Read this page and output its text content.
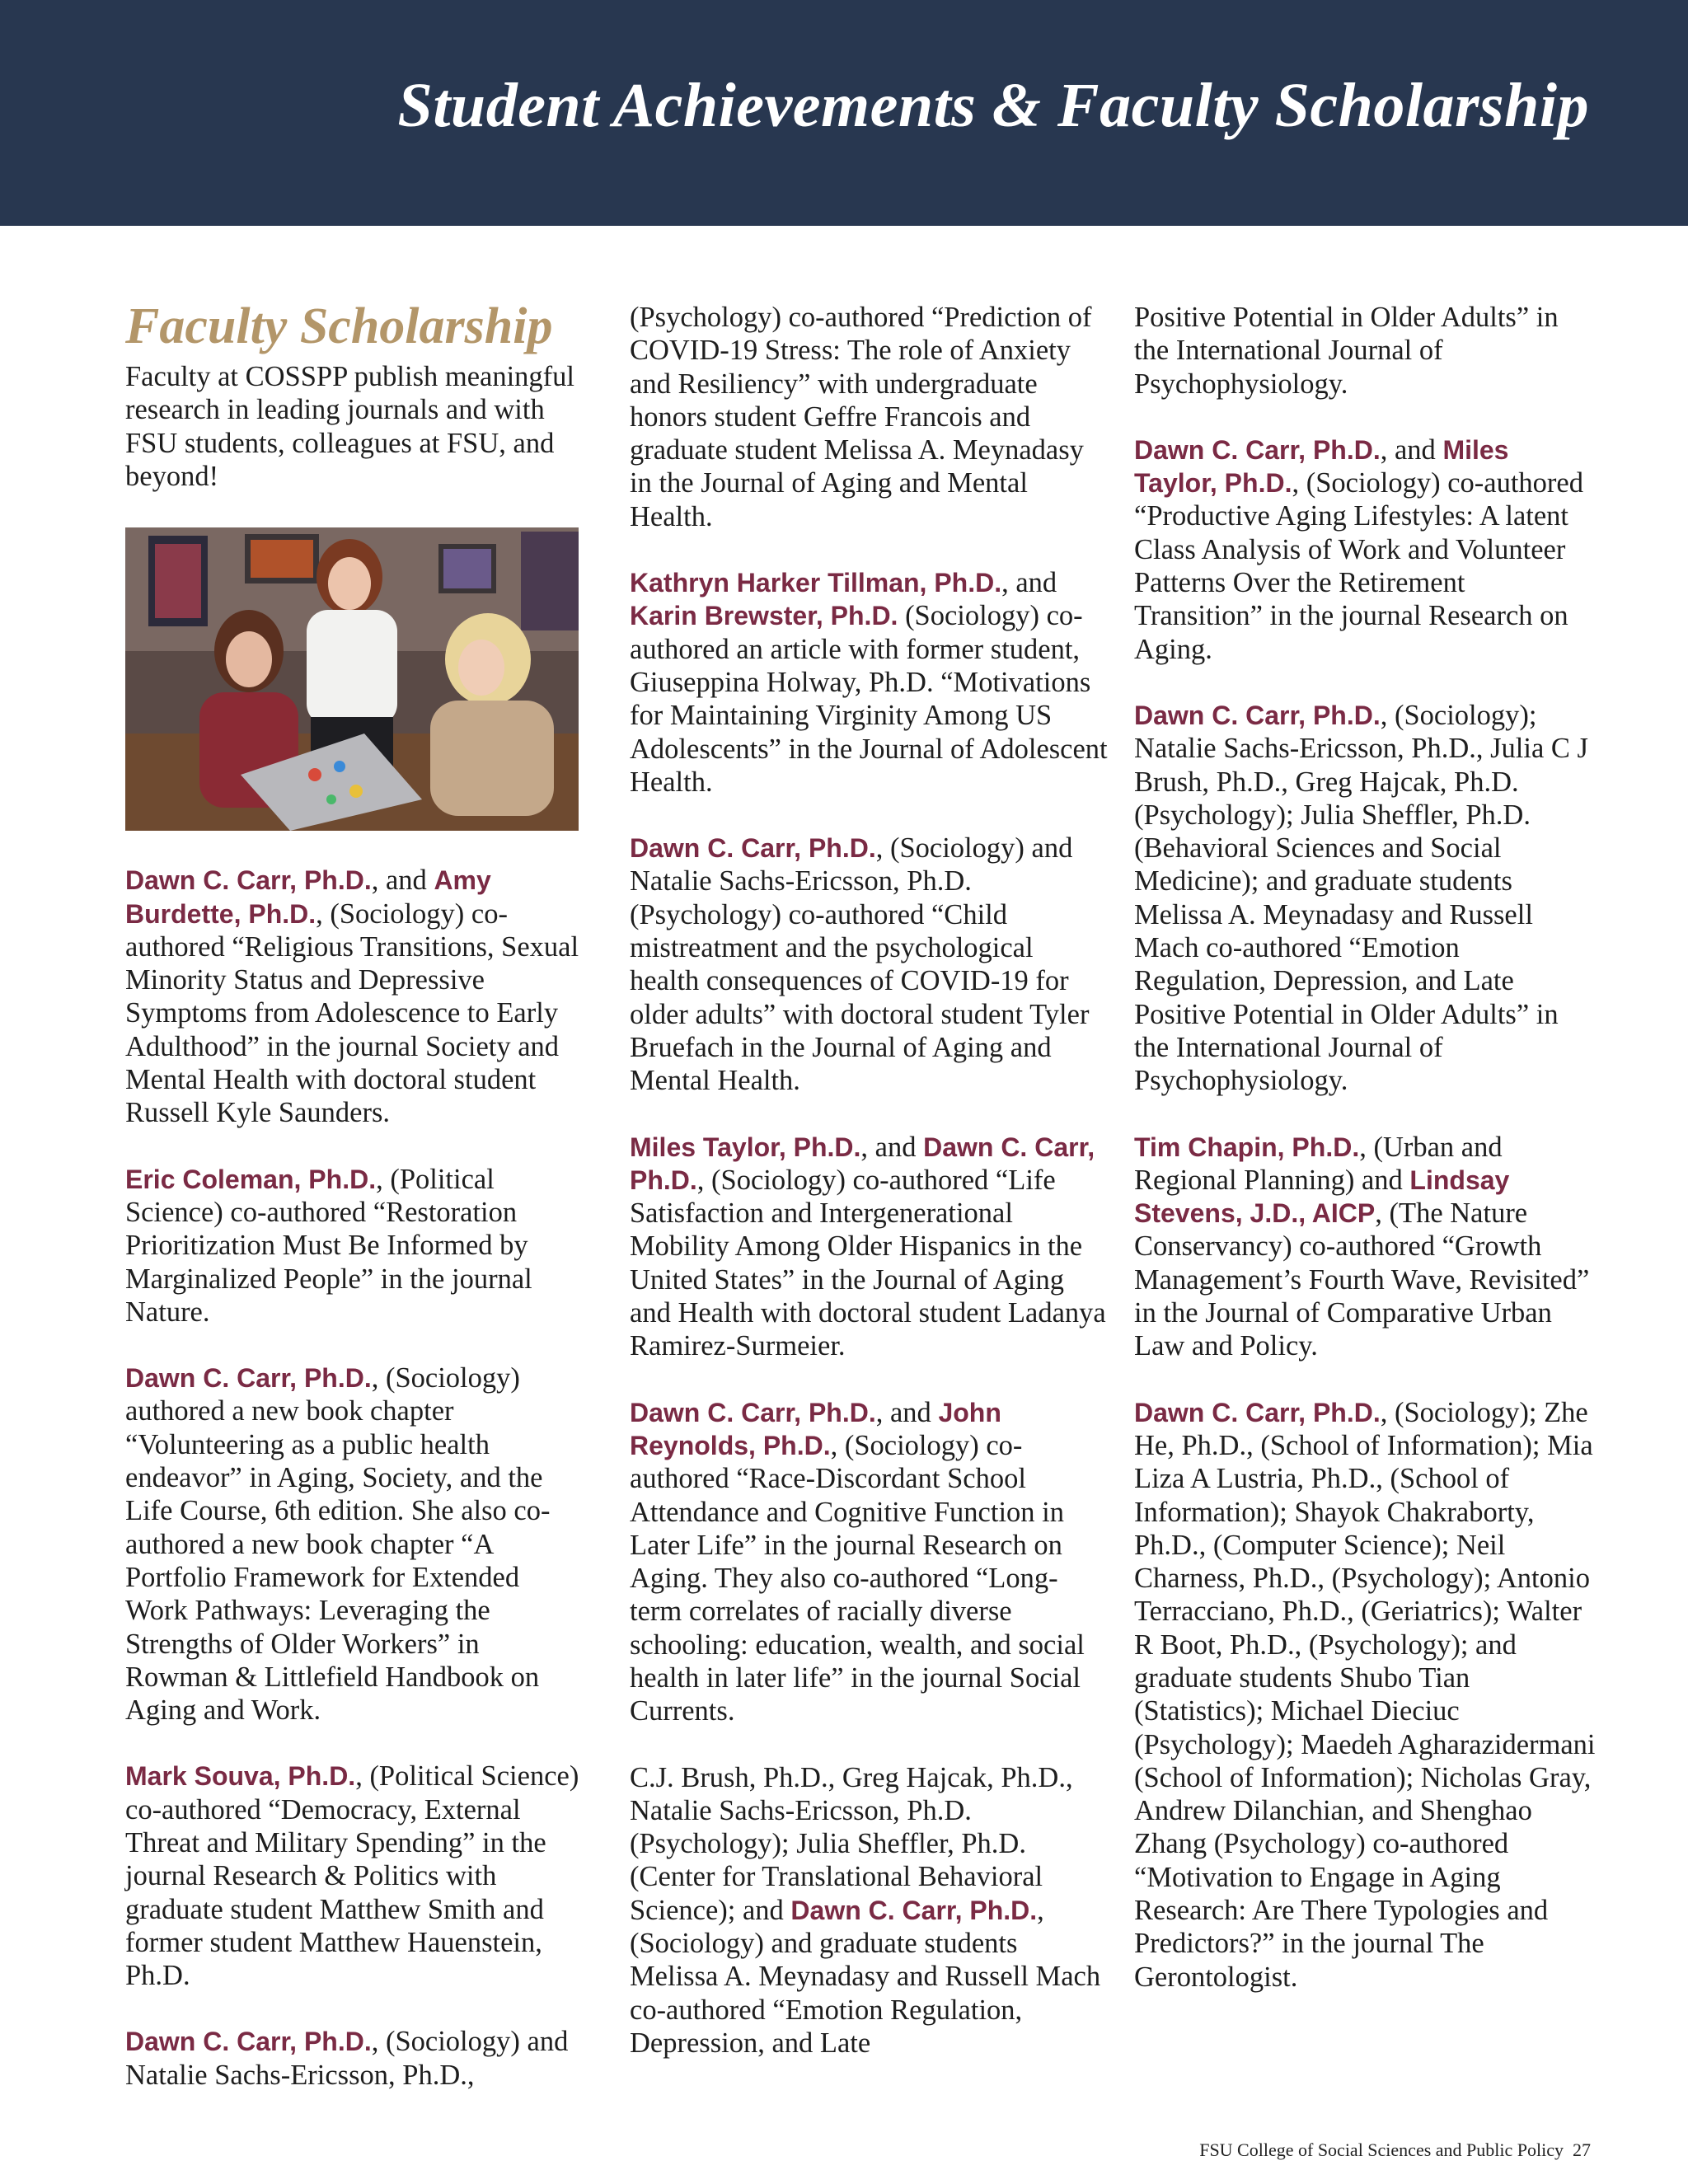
Student Achievements & Faculty Scholarship
Faculty Scholarship

Faculty at COSSPP publish meaningful research in leading journals and with FSU students, colleagues at FSU, and beyond!

Dawn C. Carr, Ph.D., and Amy Burdette, Ph.D., (Sociology) co-authored “Religious Transitions, Sexual Minority Status and Depressive Symptoms from Adolescence to Early Adulthood” in the journal Society and Mental Health with doctoral student Russell Kyle Saunders.

Eric Coleman, Ph.D., (Political Science) co-authored “Restoration Prioritization Must Be Informed by Marginalized People” in the journal Nature.

Dawn C. Carr, Ph.D., (Sociology) authored a new book chapter “Volunteering as a public health endeavor” in Aging, Society, and the Life Course, 6th edition. She also co-authored a new book chapter “A Portfolio Framework for Extended Work Pathways: Leveraging the Strengths of Older Workers” in Rowman & Littlefield Handbook on Aging and Work.

Mark Souva, Ph.D., (Political Science) co-authored “Democracy, External Threat and Military Spending” in the journal Research & Politics with graduate student Matthew Smith and former student Matthew Hauenstein, Ph.D.

Dawn C. Carr, Ph.D., (Sociology) and Natalie Sachs-Ericsson, Ph.D.,

(Psychology) co-authored “Prediction of COVID-19 Stress: The role of Anxiety and Resiliency” with undergraduate honors student Geffre Francois and graduate student Melissa A. Meynadasy in the Journal of Aging and Mental Health.

Kathryn Harker Tillman, Ph.D., and Karin Brewster, Ph.D. (Sociology) co-authored an article with former student, Giuseppina Holway, Ph.D. “Motivations for Maintaining Virginity Among US Adolescents” in the Journal of Adolescent Health.

Dawn C. Carr, Ph.D., (Sociology) and Natalie Sachs-Ericsson, Ph.D. (Psychology) co-authored “Child mistreatment and the psychological health consequences of COVID-19 for older adults” with doctoral student Tyler Bruefach in the Journal of Aging and Mental Health.

Miles Taylor, Ph.D., and Dawn C. Carr, Ph.D., (Sociology) co-authored “Life Satisfaction and Intergenerational Mobility Among Older Hispanics in the United States” in the Journal of Aging and Health with doctoral student Ladanya Ramirez-Surmeier.

Dawn C. Carr, Ph.D., and John Reynolds, Ph.D., (Sociology) co-authored “Race-Discordant School Attendance and Cognitive Function in Later Life” in the journal Research on Aging. They also co-authored “Long-term correlates of racially diverse schooling: education, wealth, and social health in later life” in the journal Social Currents.

C.J. Brush, Ph.D., Greg Hajcak, Ph.D., Natalie Sachs-Ericsson, Ph.D. (Psychology); Julia Sheffler, Ph.D. (Center for Translational Behavioral Science); and Dawn C. Carr, Ph.D., (Sociology) and graduate students Melissa A. Meynadasy and Russell Mach co-authored “Emotion Regulation, Depression, and Late

Positive Potential in Older Adults” in the International Journal of Psychophysiology.

Dawn C. Carr, Ph.D., and Miles Taylor, Ph.D., (Sociology) co-authored “Productive Aging Lifestyles: A latent Class Analysis of Work and Volunteer Patterns Over the Retirement Transition” in the journal Research on Aging.

Dawn C. Carr, Ph.D., (Sociology); Natalie Sachs-Ericsson, Ph.D., Julia C J Brush, Ph.D., Greg Hajcak, Ph.D. (Psychology); Julia Sheffler, Ph.D. (Behavioral Sciences and Social Medicine); and graduate students Melissa A. Meynadasy and Russell Mach co-authored “Emotion Regulation, Depression, and Late Positive Potential in Older Adults” in the International Journal of Psychophysiology.

Tim Chapin, Ph.D., (Urban and Regional Planning) and Lindsay Stevens, J.D., AICP, (The Nature Conservancy) co-authored “Growth Management’s Fourth Wave, Revisited” in the Journal of Comparative Urban Law and Policy.

Dawn C. Carr, Ph.D., (Sociology); Zhe He, Ph.D., (School of Information); Mia Liza A Lustria, Ph.D., (School of Information); Shayok Chakraborty, Ph.D., (Computer Science); Neil Charness, Ph.D., (Psychology); Antonio Terracciano, Ph.D., (Geriatrics); Walter R Boot, Ph.D., (Psychology); and graduate students Shubo Tian (Statistics); Michael Dieciuc (Psychology); Maedeh Agharazidermani (School of Information); Nicholas Gray, Andrew Dilanchian, and Shenghao Zhang (Psychology) co-authored “Motivation to Engage in Aging Research: Are There Typologies and Predictors?” in the journal The Gerontologist.

FSU College of Social Sciences and Public Policy 27
